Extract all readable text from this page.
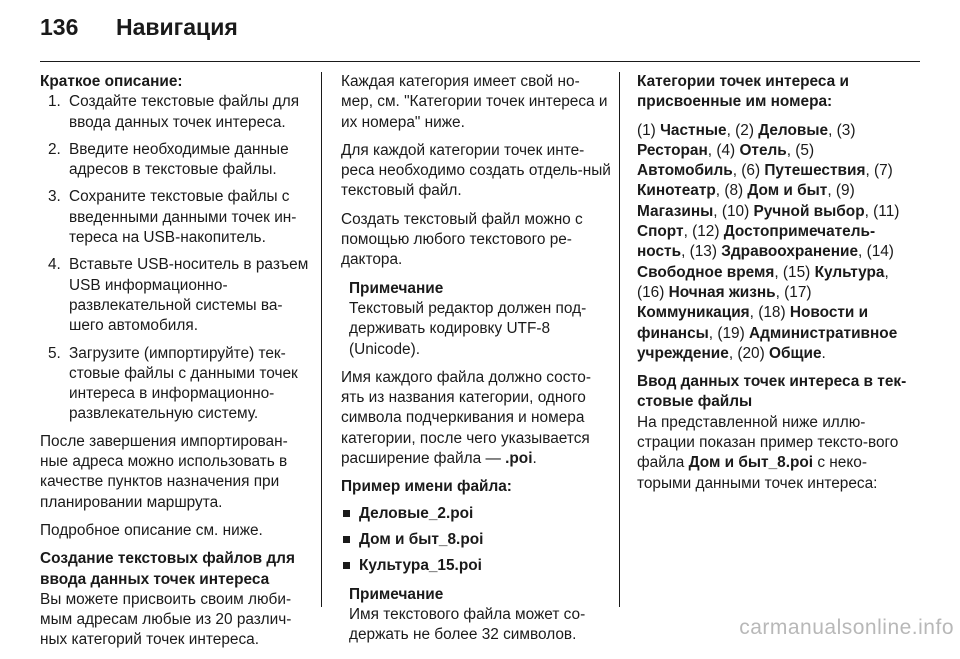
136	Навигация

Краткое описание:

1. Создайте текстовые файлы для ввода данных точек интереса.
2. Введите необходимые данные адресов в текстовые файлы.
3. Сохраните текстовые файлы с введенными данными точек ин-тереса на USB-накопитель.
4. Вставьте USB-носитель в разъем USB информационно-развлекательной системы ва-шего автомобиля.
5. Загрузите (импортируйте) тек-стовые файлы с данными точек интереса в информационно-развлекательную систему.

После завершения импортирован-ные адреса можно использовать в качестве пунктов назначения при планировании маршрута.

Подробное описание см. ниже.

Создание текстовых файлов для ввода данных точек интереса

Вы можете присвоить своим люби-мым адресам любые из 20 различ-ных категорий точек интереса.

Каждая категория имеет свой но-мер, см. "Категории точек интереса и их номера" ниже.

Для каждой категории точек инте-реса необходимо создать отдель-ный текстовый файл.

Создать текстовый файл можно с помощью любого текстового ре-дактора.

Примечание
Текстовый редактор должен под-держивать кодировку UTF-8 (Unicode).

Имя каждого файла должно состо-ять из названия категории, одного символа подчеркивания и номера категории, после чего указывается расширение файла — .poi.

Пример имени файла:

Деловые_2.poi
Дом и быт_8.poi
Культура_15.poi
Примечание
Имя текстового файла может со-держать не более 32 символов.

Категории точек интереса и присвоенные им номера:

(1) Частные, (2) Деловые, (3) Ресторан, (4) Отель, (5) Автомобиль, (6) Путешествия, (7) Кинотеатр, (8) Дом и быт, (9) Магазины, (10) Ручной выбор, (11) Спорт, (12) Достопримечатель-ность, (13) Здравоохранение, (14) Свободное время, (15) Культура, (16) Ночная жизнь, (17) Коммуникация, (18) Новости и финансы, (19) Административное учреждение, (20) Общие.

Ввод данных точек интереса в тек-стовые файлы

На представленной ниже иллю-страции показан пример тексто-вого файла Дом и быт_8.poi с неко-торыми данными точек интереса:

carmanualsonline.info
